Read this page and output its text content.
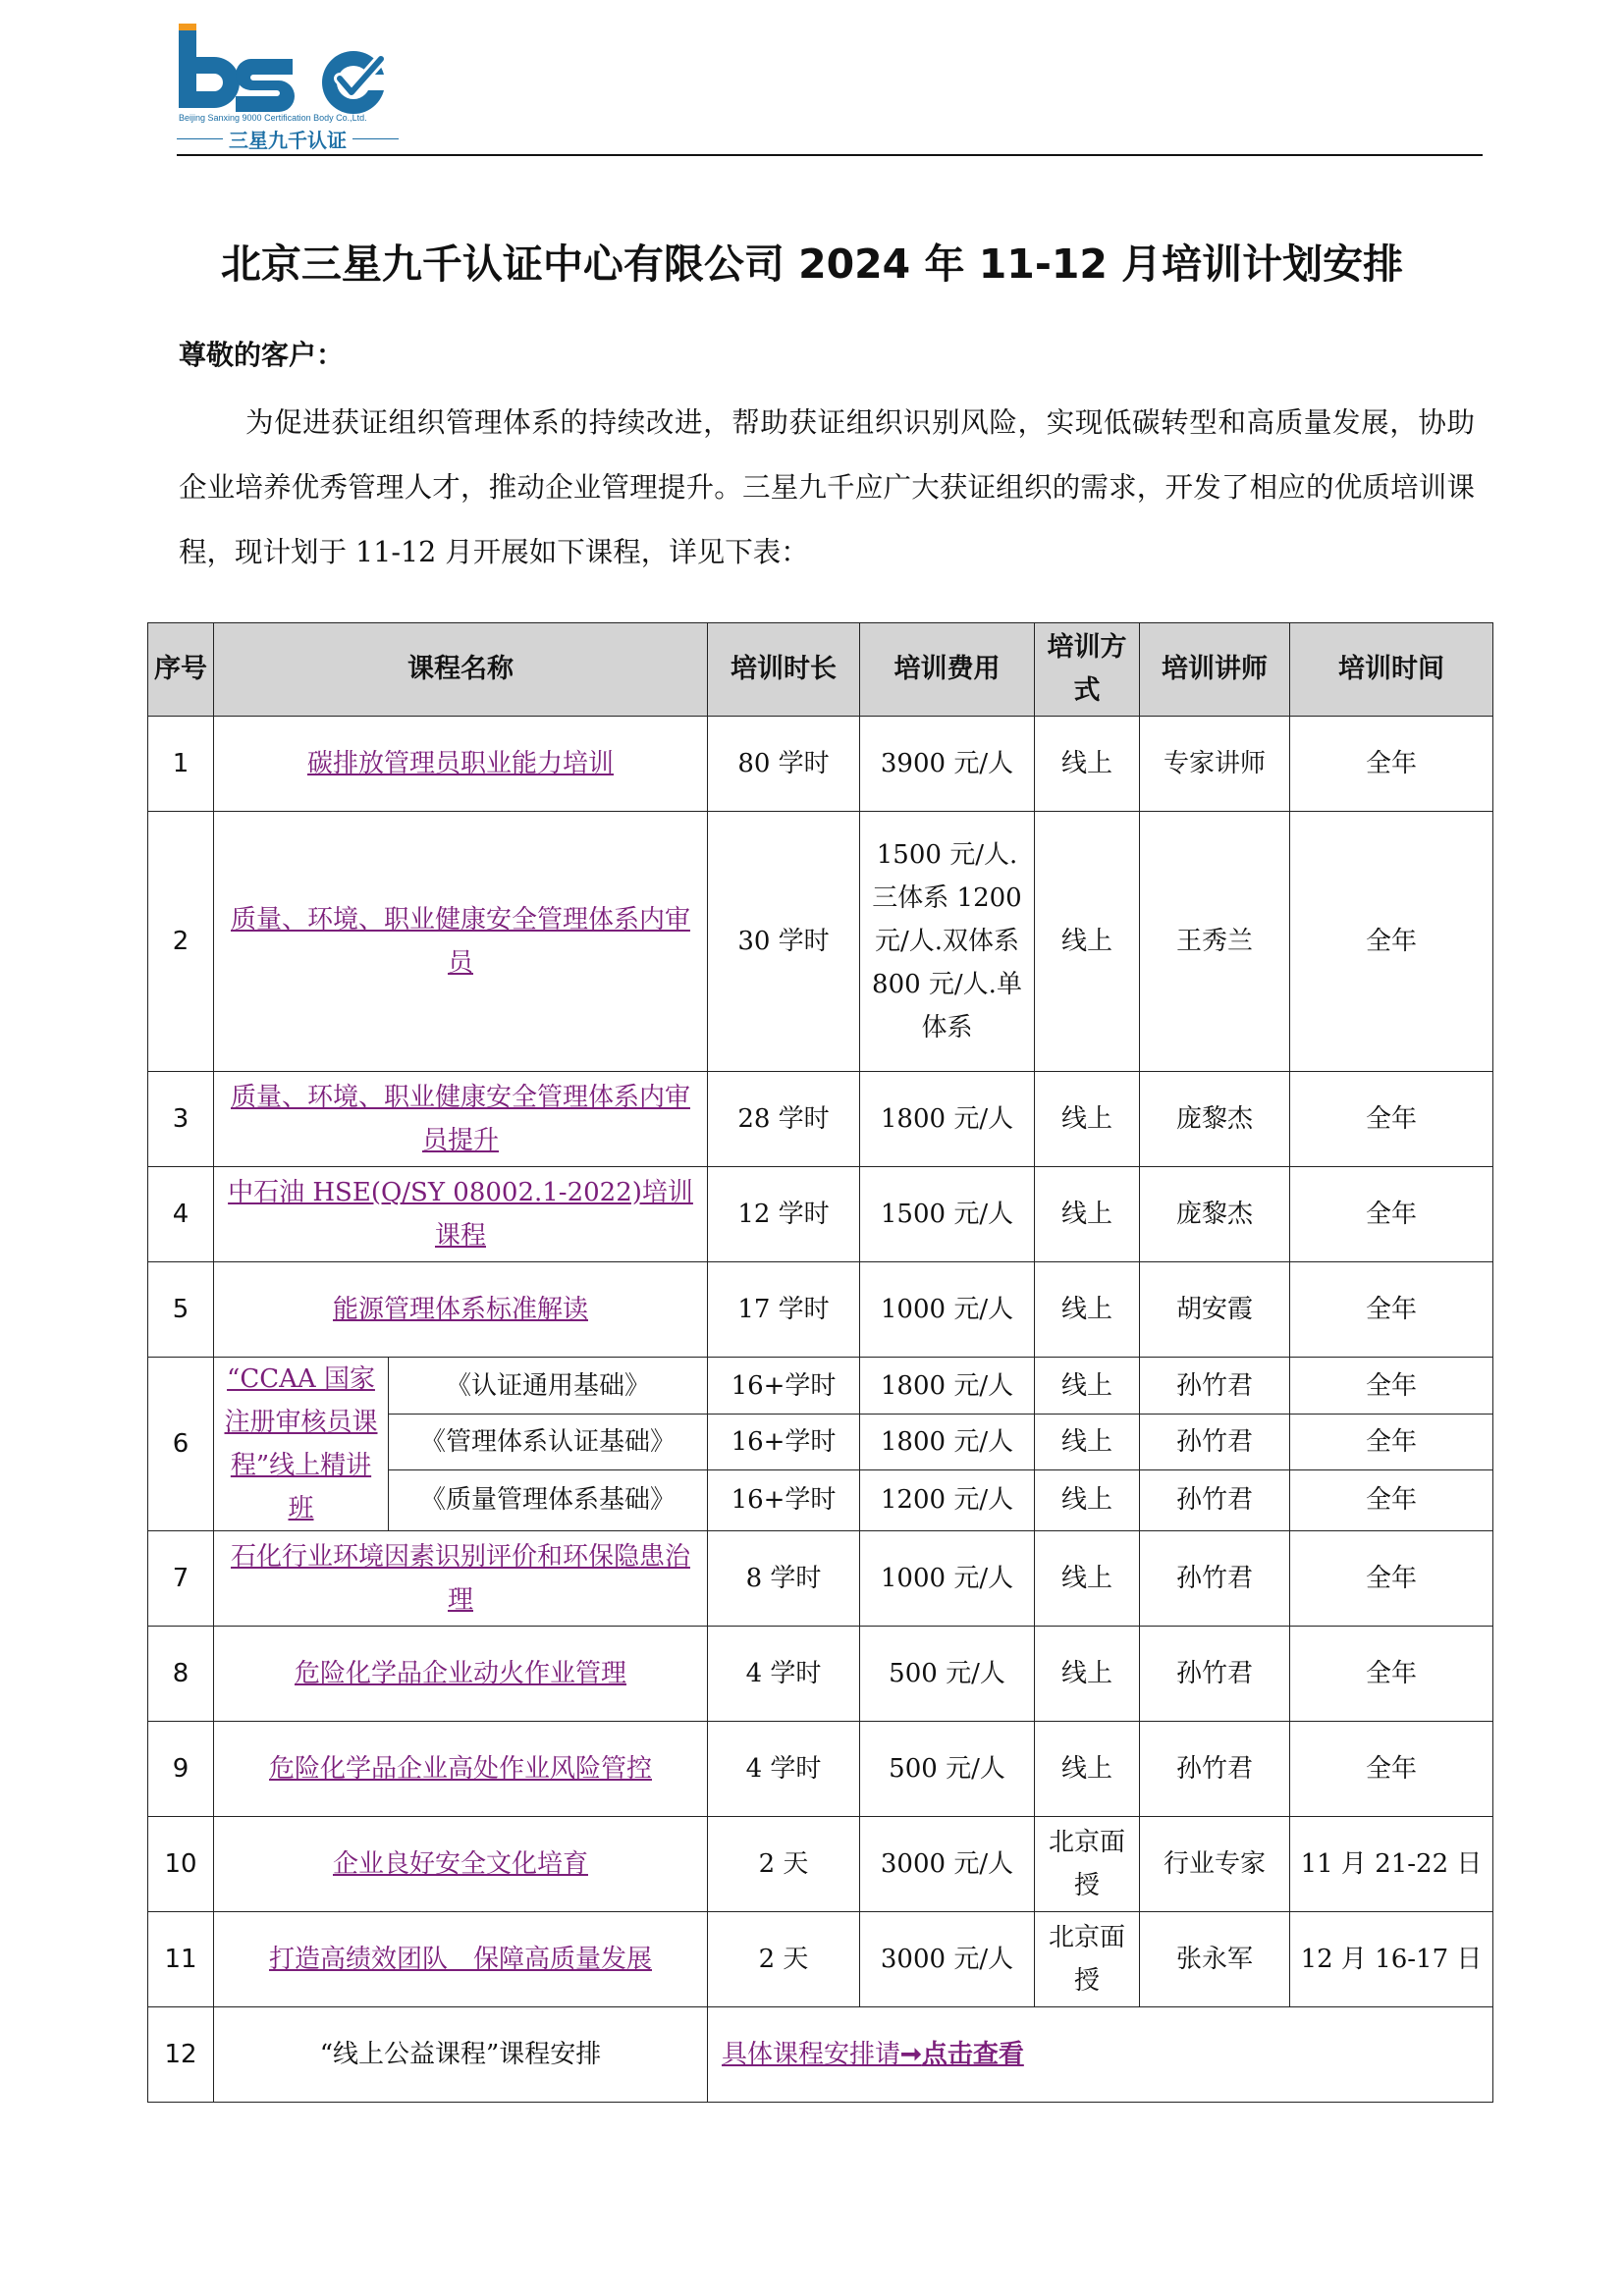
Beijing Sanxing 9000 Certification Body Co.,Ltd.
三星九千认证
北京三星九千认证中心有限公司 2024 年 11-12 月培训计划安排
尊敬的客户：
为促进获证组织管理体系的持续改进，帮助获证组织识别风险，实现低碳转型和高质量发展，协助企业培养优秀管理人才，推动企业管理提升。三星九千应广大获证组织的需求，开发了相应的优质培训课程，现计划于 11-12 月开展如下课程，详见下表：
序号	课程名称		培训时长	培训费用	培训方式	培训讲师	培训时间
1	碳排放管理员职业能力培训		80 学时	3900 元/人	线上	专家讲师	全年
2	质量、环境、职业健康安全管理体系内审员		30 学时	1500 元/人.三体系 1200 元/人.双体系 800 元/人.单体系	线上	王秀兰	全年
3	质量、环境、职业健康安全管理体系内审员提升		28 学时	1800 元/人	线上	庞黎杰	全年
4	中石油 HSE(Q/SY 08002.1-2022)培训课程		12 学时	1500 元/人	线上	庞黎杰	全年
5	能源管理体系标准解读		17 学时	1000 元/人	线上	胡安霞	全年
6	“CCAA 国家注册审核员课程”线上精讲班	《认证通用基础》	16+学时	1800 元/人	线上	孙竹君	全年
		《管理体系认证基础》	16+学时	1800 元/人	线上	孙竹君	全年
		《质量管理体系基础》	16+学时	1200 元/人	线上	孙竹君	全年
7	石化行业环境因素识别评价和环保隐患治理		8 学时	1000 元/人	线上	孙竹君	全年
8	危险化学品企业动火作业管理		4 学时	500 元/人	线上	孙竹君	全年
9	危险化学品企业高处作业风险管控		4 学时	500 元/人	线上	孙竹君	全年
10	企业良好安全文化培育		2 天	3000 元/人	北京面授	行业专家	11 月 21-22 日
11	打造高绩效团队　保障高质量发展		2 天	3000 元/人	北京面授	张永军	12 月 16-17 日
12	“线上公益课程”课程安排		具体课程安排请➞点击查看				
